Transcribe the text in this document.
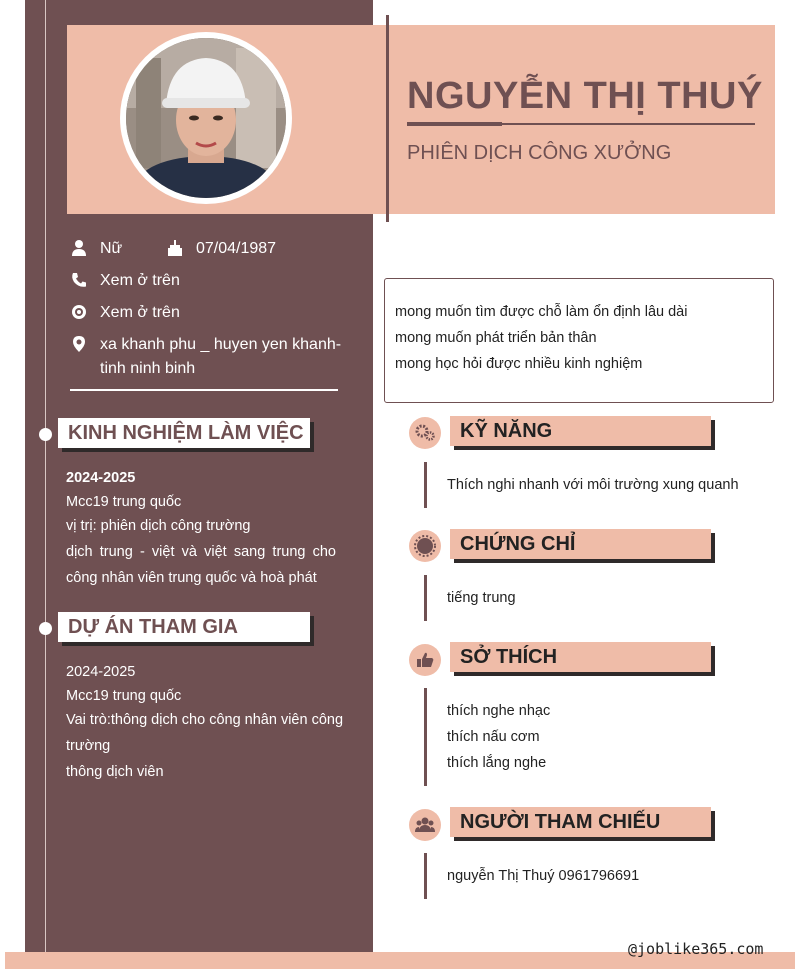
NGUYỄN THỊ THUÝ
PHIÊN DỊCH CÔNG XƯỞNG
Nữ	07/04/1987
Xem ở trên
Xem ở trên
xa khanh phu _ huyen yen khanh-
tinh ninh binh
KINH NGHIỆM LÀM VIỆC
2024-2025
Mcc19 trung quốc
vị trị: phiên dịch công trường
dịch trung - việt và việt sang trung cho
công nhân viên trung quốc và hoà phát
DỰ ÁN THAM GIA
2024-2025
Mcc19 trung quốc
Vai trò:thông dịch cho công nhân viên công
trường
thông dịch viên
mong muốn tìm được chỗ làm ổn định lâu dài
mong muốn phát triển bản thân
mong học hỏi được nhiều kinh nghiệm
KỸ NĂNG
Thích nghi nhanh với môi trường xung quanh
CHỨNG CHỈ
tiếng trung
SỞ THÍCH
thích nghe nhạc
thích nấu cơm
thích lắng nghe
NGƯỜI THAM CHIẾU
nguyễn Thị Thuý 0961796691
@joblike365.com
